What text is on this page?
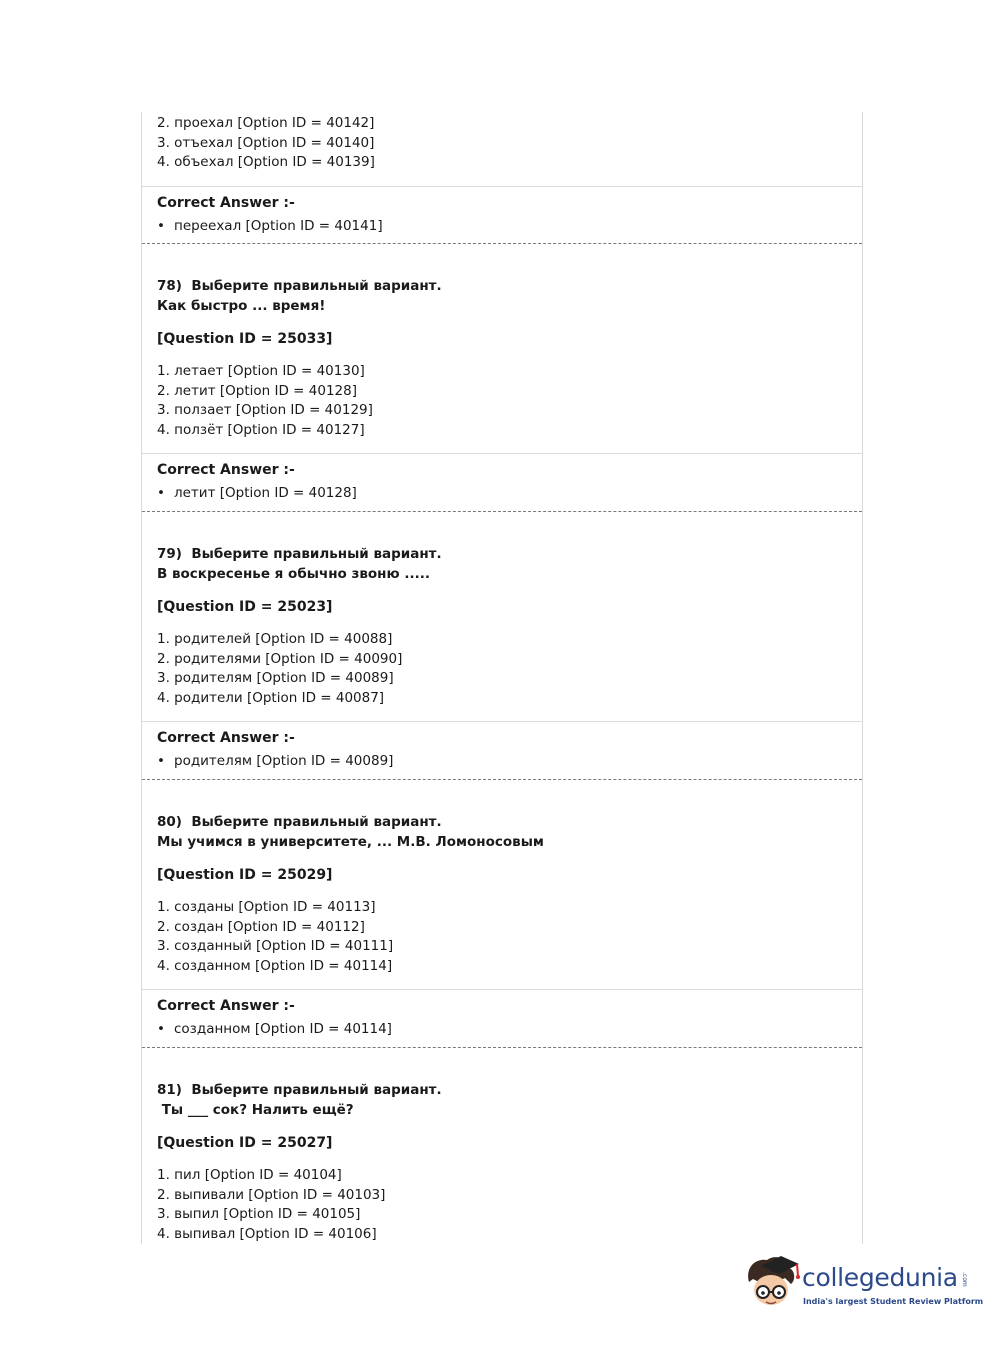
2. проехал [Option ID = 40142]

3. отъехал [Option ID = 40140]

4. объехал [Option ID = 40139]

Correct Answer :-

• переехал [Option ID = 40141]

78)  Выберите правильный вариант.

Как быстро ... время!

[Question ID = 25033]

1. летает [Option ID = 40130]

2. летит [Option ID = 40128]

3. ползает [Option ID = 40129]

4. ползёт [Option ID = 40127]

Correct Answer :-

• летит [Option ID = 40128]

79)  Выберите правильный вариант.

В воскресенье я обычно звоню .....

[Question ID = 25023]

1. родителей [Option ID = 40088]

2. родителями [Option ID = 40090]

3. родителям [Option ID = 40089]

4. родители [Option ID = 40087]

Correct Answer :-

• родителям [Option ID = 40089]

80)  Выберите правильный вариант.

Мы учимся в университете, ... М.В. Ломоносовым

[Question ID = 25029]

1. созданы [Option ID = 40113]

2. создан [Option ID = 40112]

3. созданный [Option ID = 40111]

4. созданном [Option ID = 40114]

Correct Answer :-

• созданном [Option ID = 40114]

81)  Выберите правильный вариант.

Ты ___ сок? Налить ещё?

[Question ID = 25027]

1. пил [Option ID = 40104]

2. выпивали [Option ID = 40103]

3. выпил [Option ID = 40105]

4. выпивал [Option ID = 40106]

collegedunia .com
India's largest Student Review Platform
